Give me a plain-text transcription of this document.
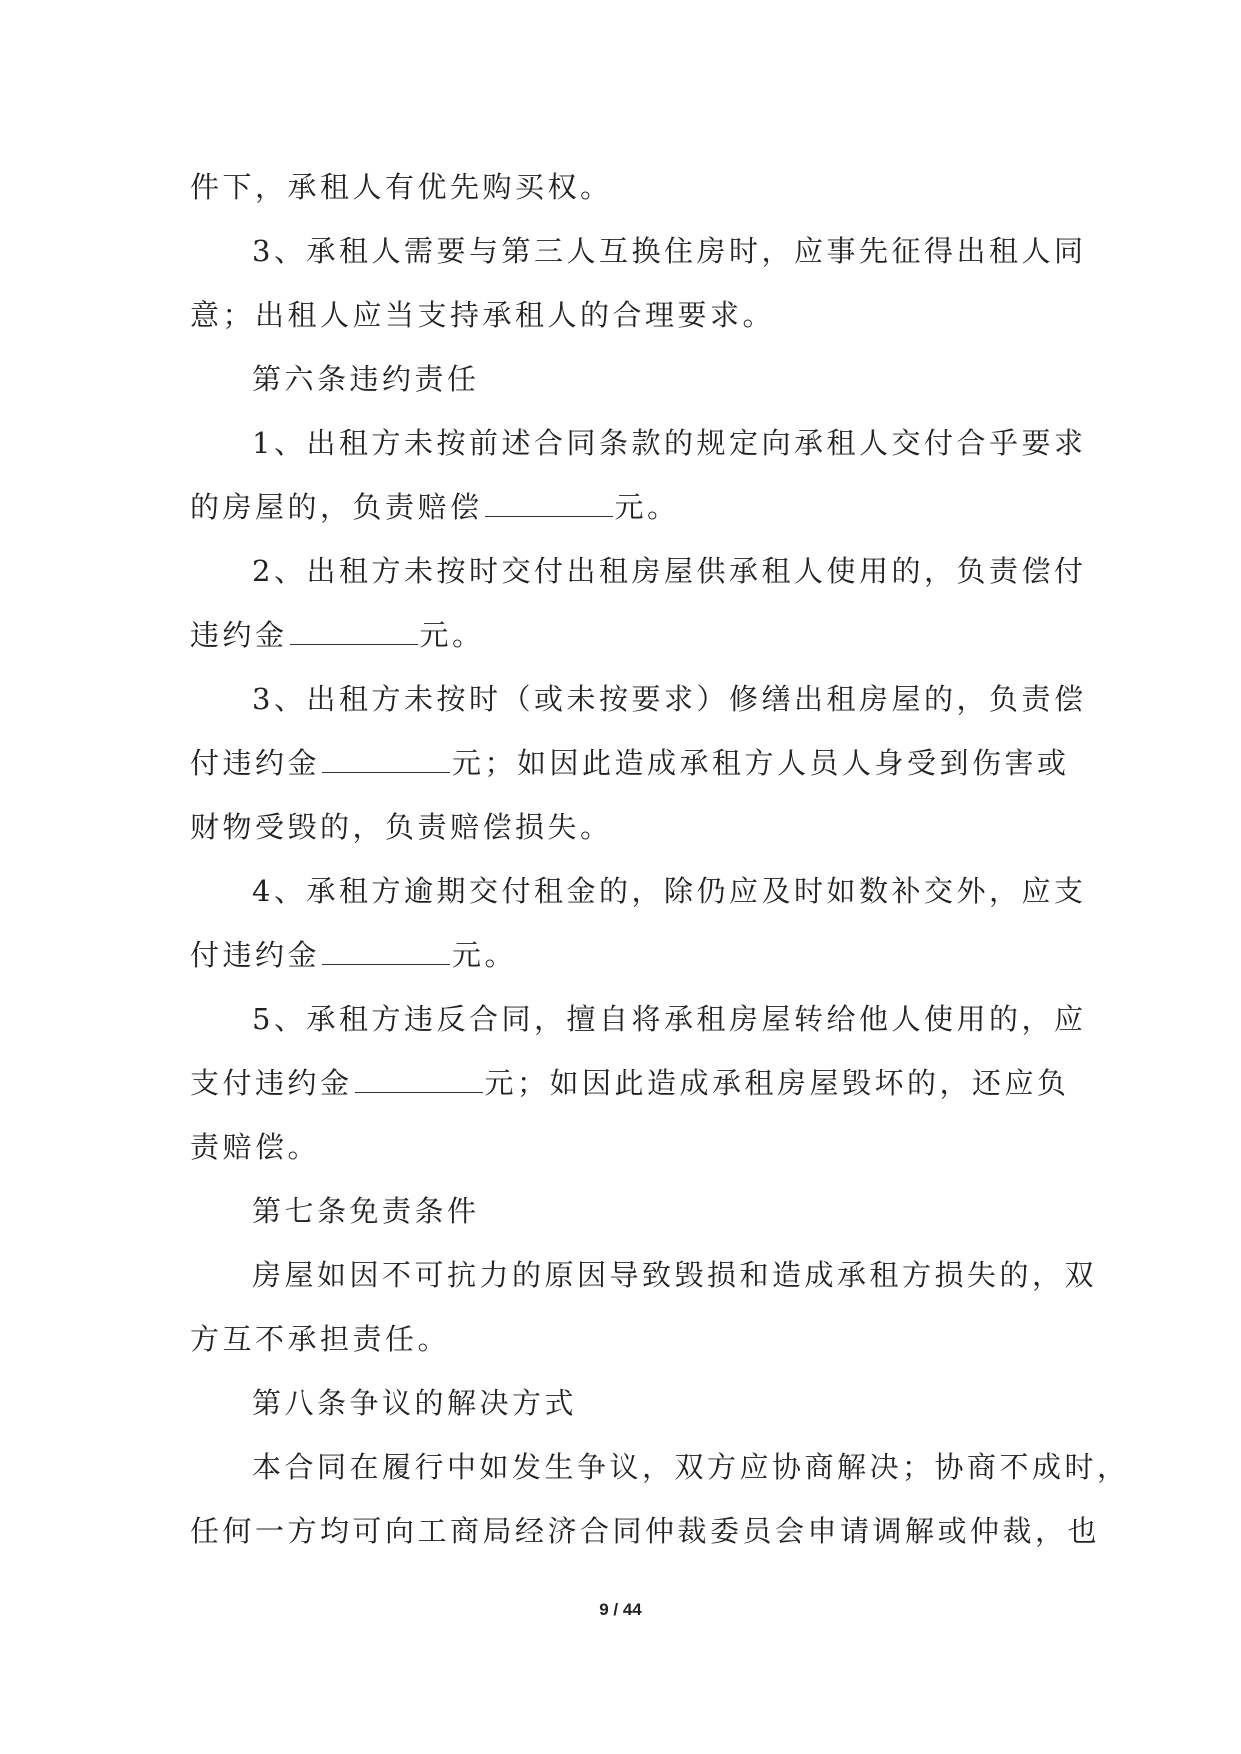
件下，承租人有优先购买权。
3、承租人需要与第三人互换住房时，应事先征得出租人同
意；出租人应当支持承租人的合理要求。
第六条违约责任
1、出租方未按前述合同条款的规定向承租人交付合乎要求
的房屋的，负责赔偿	元。
2、出租方未按时交付出租房屋供承租人使用的，负责偿付
违约金	元。
3、出租方未按时（或未按要求）修缮出租房屋的，负责偿
付违约金	元；如因此造成承租方人员人身受到伤害或
财物受毁的，负责赔偿损失。
4、承租方逾期交付租金的，除仍应及时如数补交外，应支
付违约金	元。
5、承租方违反合同，擅自将承租房屋转给他人使用的，应
支付违约金	元；如因此造成承租房屋毁坏的，还应负
责赔偿。
第七条免责条件
房屋如因不可抗力的原因导致毁损和造成承租方损失的，双
方互不承担责任。
第八条争议的解决方式
本合同在履行中如发生争议，双方应协商解决；协商不成时，
任何一方均可向工商局经济合同仲裁委员会申请调解或仲裁，也
9 / 44
